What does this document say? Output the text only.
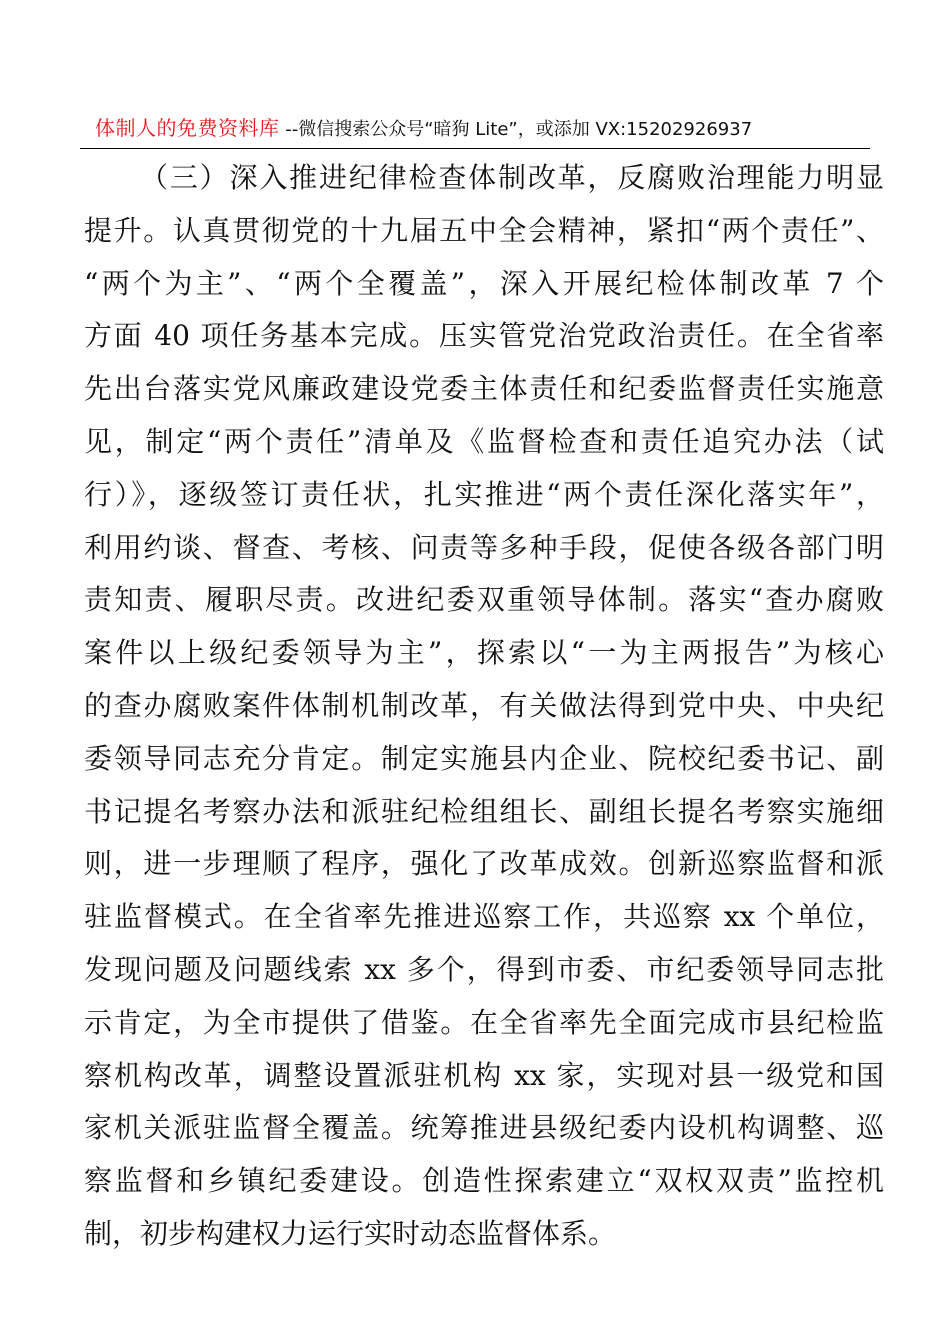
体制人的免费资料库 --微信搜索公众号“暗狗 Lite”，或添加 VX:15202926937
（三）深入推进纪律检查体制改革，反腐败治理能力明显
提升。认真贯彻党的十九届五中全会精神，紧扣“两个责任”、
“两个为主”、“两个全覆盖”，深入开展纪检体制改革 7 个
方面 40 项任务基本完成。压实管党治党政治责任。在全省率
先出台落实党风廉政建设党委主体责任和纪委监督责任实施意
见，制定“两个责任”清单及《监督检查和责任追究办法（试
行）》，逐级签订责任状，扎实推进“两个责任深化落实年”，
利用约谈、督查、考核、问责等多种手段，促使各级各部门明
责知责、履职尽责。改进纪委双重领导体制。落实“查办腐败
案件以上级纪委领导为主”，探索以“一为主两报告”为核心
的查办腐败案件体制机制改革，有关做法得到党中央、中央纪
委领导同志充分肯定。制定实施县内企业、院校纪委书记、副
书记提名考察办法和派驻纪检组组长、副组长提名考察实施细
则，进一步理顺了程序，强化了改革成效。创新巡察监督和派
驻监督模式。在全省率先推进巡察工作，共巡察 xx 个单位，
发现问题及问题线索 xx 多个，得到市委、市纪委领导同志批
示肯定，为全市提供了借鉴。在全省率先全面完成市县纪检监
察机构改革，调整设置派驻机构 xx 家，实现对县一级党和国
家机关派驻监督全覆盖。统筹推进县级纪委内设机构调整、巡
察监督和乡镇纪委建设。创造性探索建立“双权双责”监控机
制，初步构建权力运行实时动态监督体系。
